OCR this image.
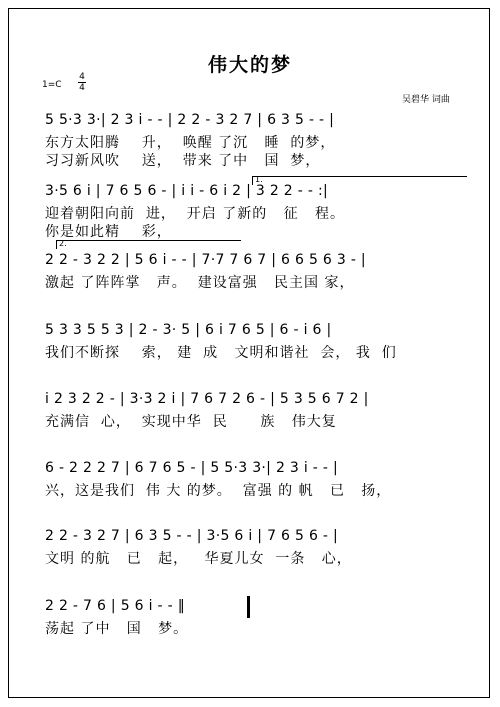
伟大的梦
1=C
4
4
吴碧华 词曲
5 5·3 3·| 2 3 i - - | 2 2 - 3 2 7 | 6 3 5 - - |
东方太阳腾    升，  唤醒 了沉   睡  的梦，
习习新风吹    送，  带来 了中   国  梦，
1.
3·5 6 i | 7 6 5 6 - | i i - 6 i 2 | 3 2 2 - - :|
迎着朝阳向前  进，  开启 了新的   征   程。
你是如此精    彩，
2.
2 2 - 3 2 2 | 5 6 i - - | 7·7 7 6 7 | 6 6 5 6 3 - |
激起 了阵阵掌   声。  建设富强   民主国 家，
5 3 3 5 5 3 | 2 - 3· 5 | 6 i 7 6 5 | 6 - i 6 |
我们不断探    索， 建  成   文明和谐社  会， 我  们
i 2 3 2 2 - | 3·3 2 i | 7 6 7 2 6 - | 5 3 5 6 7 2 |
充满信  心，  实现中华  民      族   伟大复
6 - 2 2 2 7 | 6 7 6 5 - | 5 5·3 3·| 2 3 i - - |
兴，这是我们  伟 大 的梦。  富强 的 帆   已   扬，
2 2 - 3 2 7 | 6 3 5 - - | 3·5 6 i | 7 6 5 6 - |
文明 的航   已   起，   华夏儿女  一条   心，
2 2 - 7 6 | 5 6 i - - ‖
荡起 了中   国   梦。
